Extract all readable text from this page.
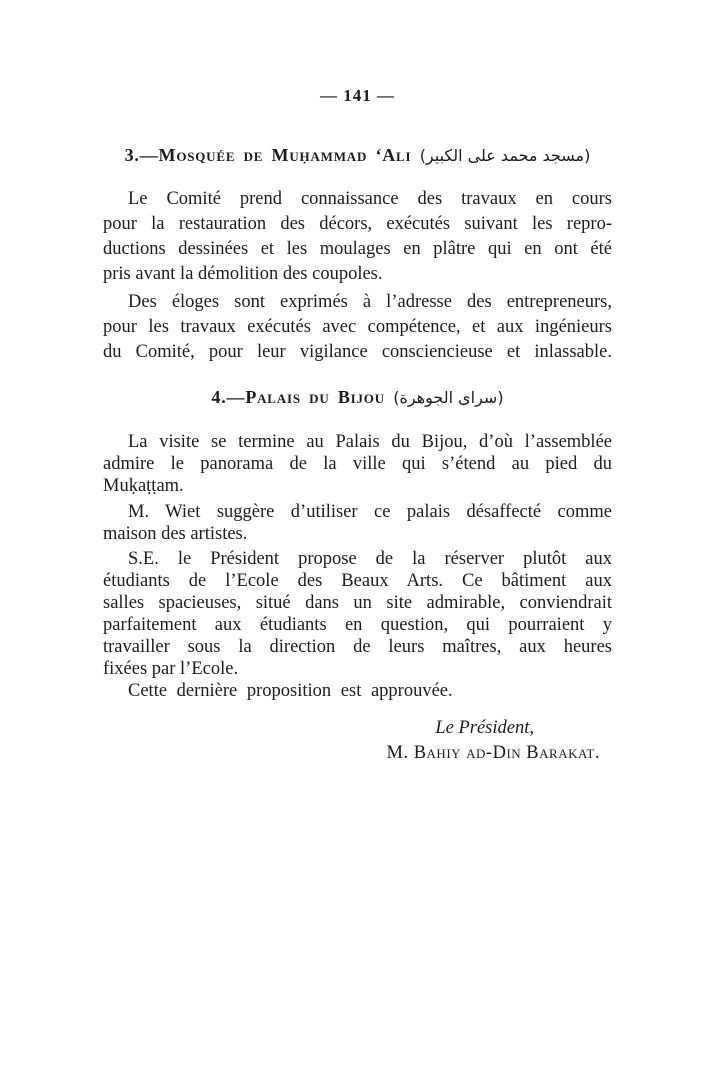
— 141 —
3.—Mosquée de Muḥammad ‘Ali (مسجد محمد على الكبير)
Le Comité prend connaissance des travaux en cours
pour la restauration des décors, exécutés suivant les repro-
ductions dessinées et les moulages en plâtre qui en ont été
pris avant la démolition des coupoles.
Des éloges sont exprimés à l’adresse des entrepreneurs,
pour les travaux exécutés avec compétence, et aux ingénieurs
du Comité, pour leur vigilance consciencieuse et inlassable.
4.—Palais du Bijou (سراى الجوهرة)
La visite se termine au Palais du Bijou, d’où l’assemblée
admire le panorama de la ville qui s’étend au pied du
Muḳaṭṭam.
M. Wiet suggère d’utiliser ce palais désaffecté comme
maison des artistes.
S.E. le Président propose de la réserver plutôt aux
étudiants de l’Ecole des Beaux Arts. Ce bâtiment aux
salles spacieuses, situé dans un site admirable, conviendrait
parfaitement aux étudiants en question, qui pourraient y
travailler sous la direction de leurs maîtres, aux heures
fixées par l’Ecole.
Cette dernière proposition est approuvée.
Le Président,
M. Bahiy ad-Din Barakat.
